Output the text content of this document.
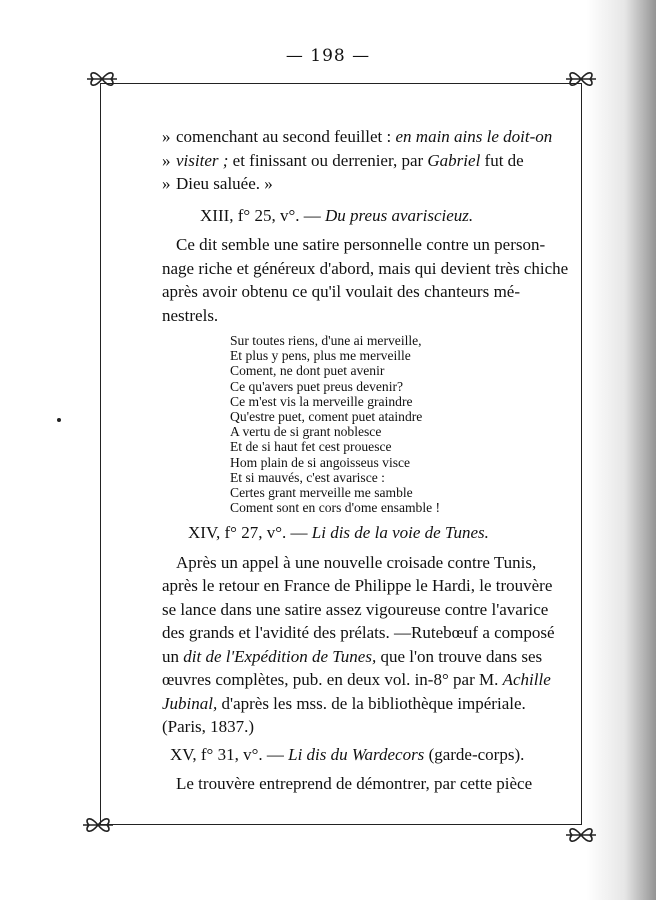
— 198 —
» comenchant au second feuillet : en main ains le doit-on
» visiter ; et finissant ou derrenier, par Gabriel fut de
» Dieu saluée. »
XIII, f° 25, v°. — Du preus avariscieuz.
Ce dit semble une satire personnelle contre un person-
nage riche et généreux d'abord, mais qui devient très chiche
après avoir obtenu ce qu'il voulait des chanteurs mé-
nestrels.
Sur toutes riens, d'une ai merveille,
Et plus y pens, plus me merveille
Coment, ne dont puet avenir
Ce qu'avers puet preus devenir?
Ce m'est vis la merveille graindre
Qu'estre puet, coment puet ataindre
A vertu de si grant noblesce
Et de si haut fet cest prouesce
Hom plain de si angoisseus visce
Et si mauvés, c'est avarisce :
Certes grant merveille me samble
Coment sont en cors d'ome ensamble !
XIV, f° 27, v°. — Li dis de la voie de Tunes.
Après un appel à une nouvelle croisade contre Tunis,
après le retour en France de Philippe le Hardi, le trouvère
se lance dans une satire assez vigoureuse contre l'avarice
des grands et l'avidité des prélats. —Rutebœuf a composé
un dit de l'Expédition de Tunes, que l'on trouve dans ses
œuvres complètes, pub. en deux vol. in-8° par M. Achille
Jubinal, d'après les mss. de la bibliothèque impériale.
(Paris, 1837.)
XV, f° 31, v°. — Li dis du Wardecors (garde-corps).
Le trouvère entreprend de démontrer, par cette pièce
